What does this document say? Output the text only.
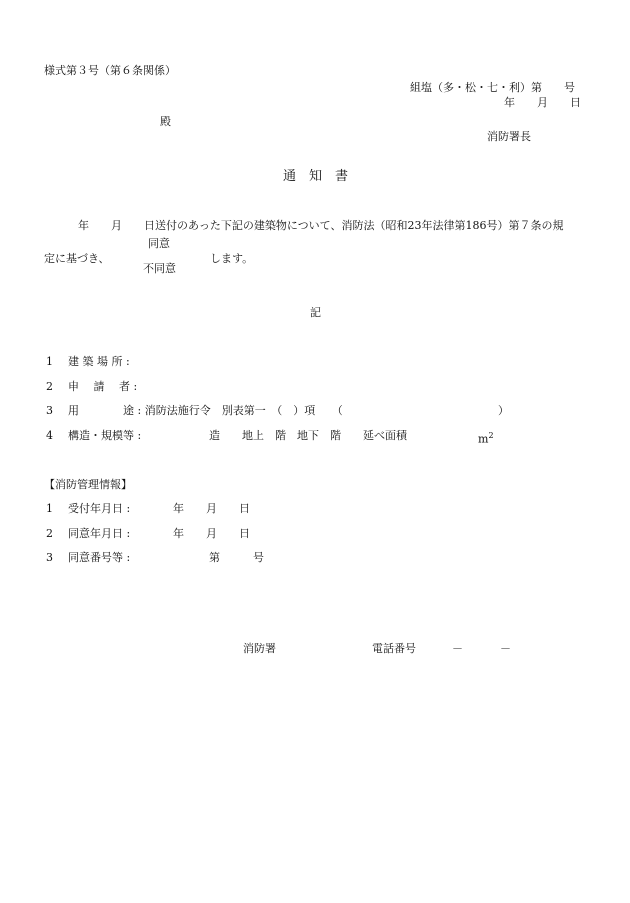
様式第３号（第６条関係）
組塩（多・松・七・利）第　　号
年　　月　　日
殿
消防署長
通　知　書
年　　月　　日送付のあった下記の建築物について、消防法（昭和23年法律第186号）第７条の規
同意
定に基づき、	します。
不同意
記
1 建 築 場 所 :
2 申　 請 　者 :
3 用　　　　途 : 消防法施行令　別表第一　（　）項　　（	）
4 構造・規模等 :	造　　地上　階　地下　階　　延べ面積	$m^2$
【消防管理情報】
1 受付年月日 :	年　　月　　日
2 同意年月日 :	年　　月　　日
3 同意番号等 :	第　　　号
消防署	電話番号	－	－
